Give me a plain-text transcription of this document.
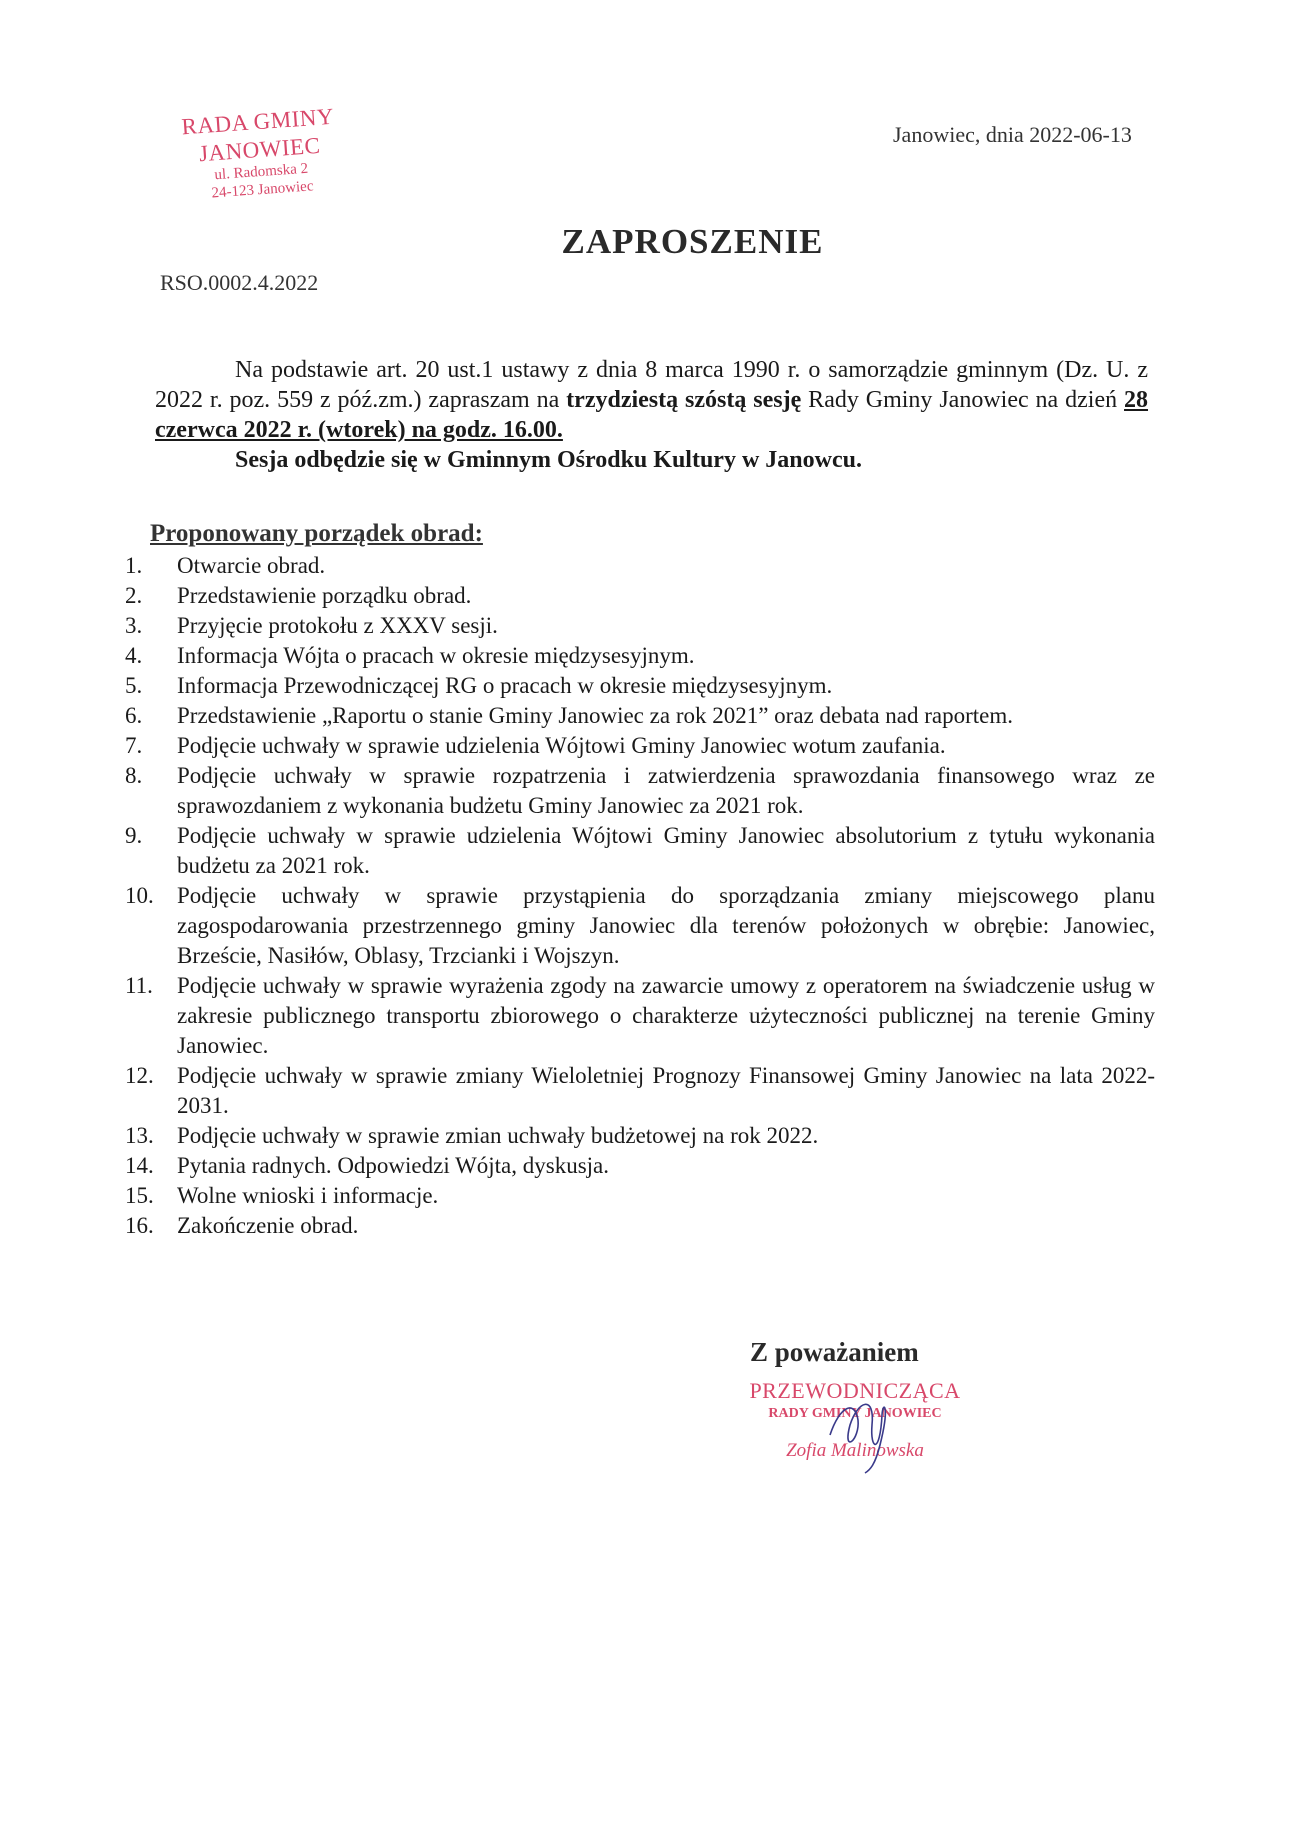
RADA GMINY
JANOWIEC
ul. Radomska 2
24-123 Janowiec
Janowiec, dnia 2022-06-13
ZAPROSZENIE
RSO.0002.4.2022
Na podstawie art. 20 ust.1 ustawy z dnia 8 marca 1990 r. o samorządzie gminnym (Dz. U. z 2022 r. poz. 559 z póź.zm.) zapraszam na trzydziestą szóstą sesję Rady Gminy Janowiec na dzień 28 czerwca 2022 r. (wtorek) na godz. 16.00.
Sesja odbędzie się w Gminnym Ośrodku Kultury w Janowcu.
Proponowany porządek obrad:
1.	Otwarcie obrad.
2.	Przedstawienie porządku obrad.
3.	Przyjęcie protokołu z XXXV sesji.
4.	Informacja Wójta o pracach w okresie międzysesyjnym.
5.	Informacja Przewodniczącej RG o pracach w okresie międzysesyjnym.
6.	Przedstawienie „Raportu o stanie Gminy Janowiec za rok 2021” oraz debata nad raportem.
7.	Podjęcie uchwały w sprawie udzielenia Wójtowi Gminy Janowiec wotum zaufania.
8.	Podjęcie uchwały w sprawie rozpatrzenia i zatwierdzenia sprawozdania finansowego wraz ze sprawozdaniem z wykonania budżetu Gminy Janowiec za 2021 rok.
9.	Podjęcie uchwały w sprawie udzielenia Wójtowi Gminy Janowiec absolutorium z tytułu wykonania budżetu za 2021 rok.
10.	Podjęcie uchwały w sprawie przystąpienia do sporządzania zmiany miejscowego planu zagospodarowania przestrzennego gminy Janowiec dla terenów położonych w obrębie: Janowiec, Brzeście, Nasiłów, Oblasy, Trzcianki i Wojszyn.
11.	Podjęcie uchwały w sprawie wyrażenia zgody na zawarcie umowy z operatorem na świadczenie usług w zakresie publicznego transportu zbiorowego o charakterze użyteczności publicznej na terenie Gminy Janowiec.
12.	Podjęcie uchwały w sprawie zmiany Wieloletniej Prognozy Finansowej Gminy Janowiec na lata 2022-2031.
13.	Podjęcie uchwały w sprawie zmian uchwały budżetowej na rok 2022.
14.	Pytania radnych. Odpowiedzi Wójta, dyskusja.
15.	Wolne wnioski i informacje.
16.	Zakończenie obrad.
Z poważaniem
PRZEWODNICZĄCA
RADY GMINY JANOWIEC
Zofia Malinowska
